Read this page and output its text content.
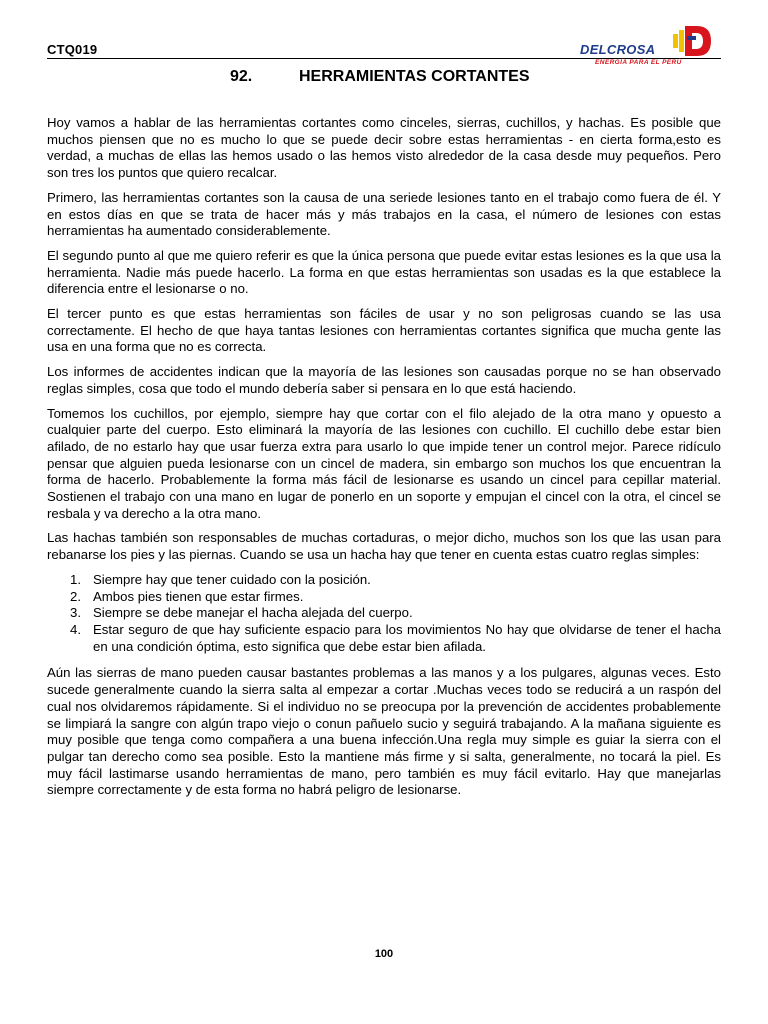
CTQ019	DELCROSA
ENERGÍA PARA EL PERÚ
92.	HERRAMIENTAS CORTANTES

Hoy vamos a hablar de las herramientas cortantes como cinceles, sierras, cuchillos, y hachas. Es posible que muchos piensen que no es mucho lo que se puede decir sobre estas herramientas - en cierta forma,esto es verdad, a muchas de ellas las hemos usado o las hemos visto alrededor de la casa desde muy pequeños. Pero son tres los puntos que quiero recalcar.

Primero, las herramientas cortantes son la causa de una seriede lesiones tanto en el trabajo como fuera de él. Y en estos días en que se trata de hacer más y más trabajos en la casa, el número de lesiones con estas herramientas ha aumentado considerablemente.

El segundo punto al que me quiero referir es que la única persona que puede evitar estas lesiones es la que usa la herramienta. Nadie más puede hacerlo. La forma en que estas herramientas son usadas es la que establece la diferencia entre el lesionarse o no.

El tercer punto es que estas herramientas son fáciles de usar y no son peligrosas cuando se las usa correctamente. El hecho de que haya tantas lesiones con herramientas cortantes significa que mucha gente las usa en una forma que no es correcta.

Los informes de accidentes indican que la mayoría de las lesiones son causadas porque no se han observado reglas simples, cosa que todo el mundo debería saber si pensara en lo que está haciendo.

Tomemos los cuchillos, por ejemplo, siempre hay que cortar con el filo alejado de la otra mano y opuesto a cualquier parte del cuerpo. Esto eliminará la mayoría de las lesiones con cuchillo. El cuchillo debe estar bien afilado, de no estarlo hay que usar fuerza extra para usarlo lo que impide tener un control mejor. Parece ridículo pensar que alguien pueda lesionarse con un cincel de madera, sin embargo son muchos los que encuentran la forma de hacerlo. Probablemente la forma más fácil de lesionarse es usando un cincel para cepillar material. Sostienen el trabajo con una mano en lugar de ponerlo en un soporte y empujan el cincel con la otra, el cincel se resbala y va derecho a la otra mano.

Las hachas también son responsables de muchas cortaduras, o mejor dicho, muchos son los que las usan para rebanarse los pies y las piernas. Cuando se usa un hacha hay que tener en cuenta estas cuatro reglas simples:

1. Siempre hay que tener cuidado con la posición.
2. Ambos pies tienen que estar firmes.
3. Siempre se debe manejar el hacha alejada del cuerpo.
4. Estar seguro de que hay suficiente espacio para los movimientos No hay que olvidarse de tener el hacha en una condición óptima, esto significa que debe estar bien afilada.

Aún las sierras de mano pueden causar bastantes problemas a las manos y a los pulgares, algunas veces. Esto sucede generalmente cuando la sierra salta al empezar a cortar .Muchas veces todo se reducirá a un raspón del cual nos olvidaremos rápidamente. Si el individuo no se preocupa por la prevención de accidentes probablemente se limpiará la sangre con algún trapo viejo o conun pañuelo sucio y seguirá trabajando. A la mañana siguiente es muy posible que tenga como compañera a una buena infección.Una regla muy simple es guiar la sierra con el pulgar tan derecho como sea posible. Esto la mantiene más firme y si salta, generalmente, no tocará la piel. Es muy fácil lastimarse usando herramientas de mano, pero también es muy fácil evitarlo. Hay que manejarlas siempre correctamente y de esta forma no habrá peligro de lesionarse.

100
